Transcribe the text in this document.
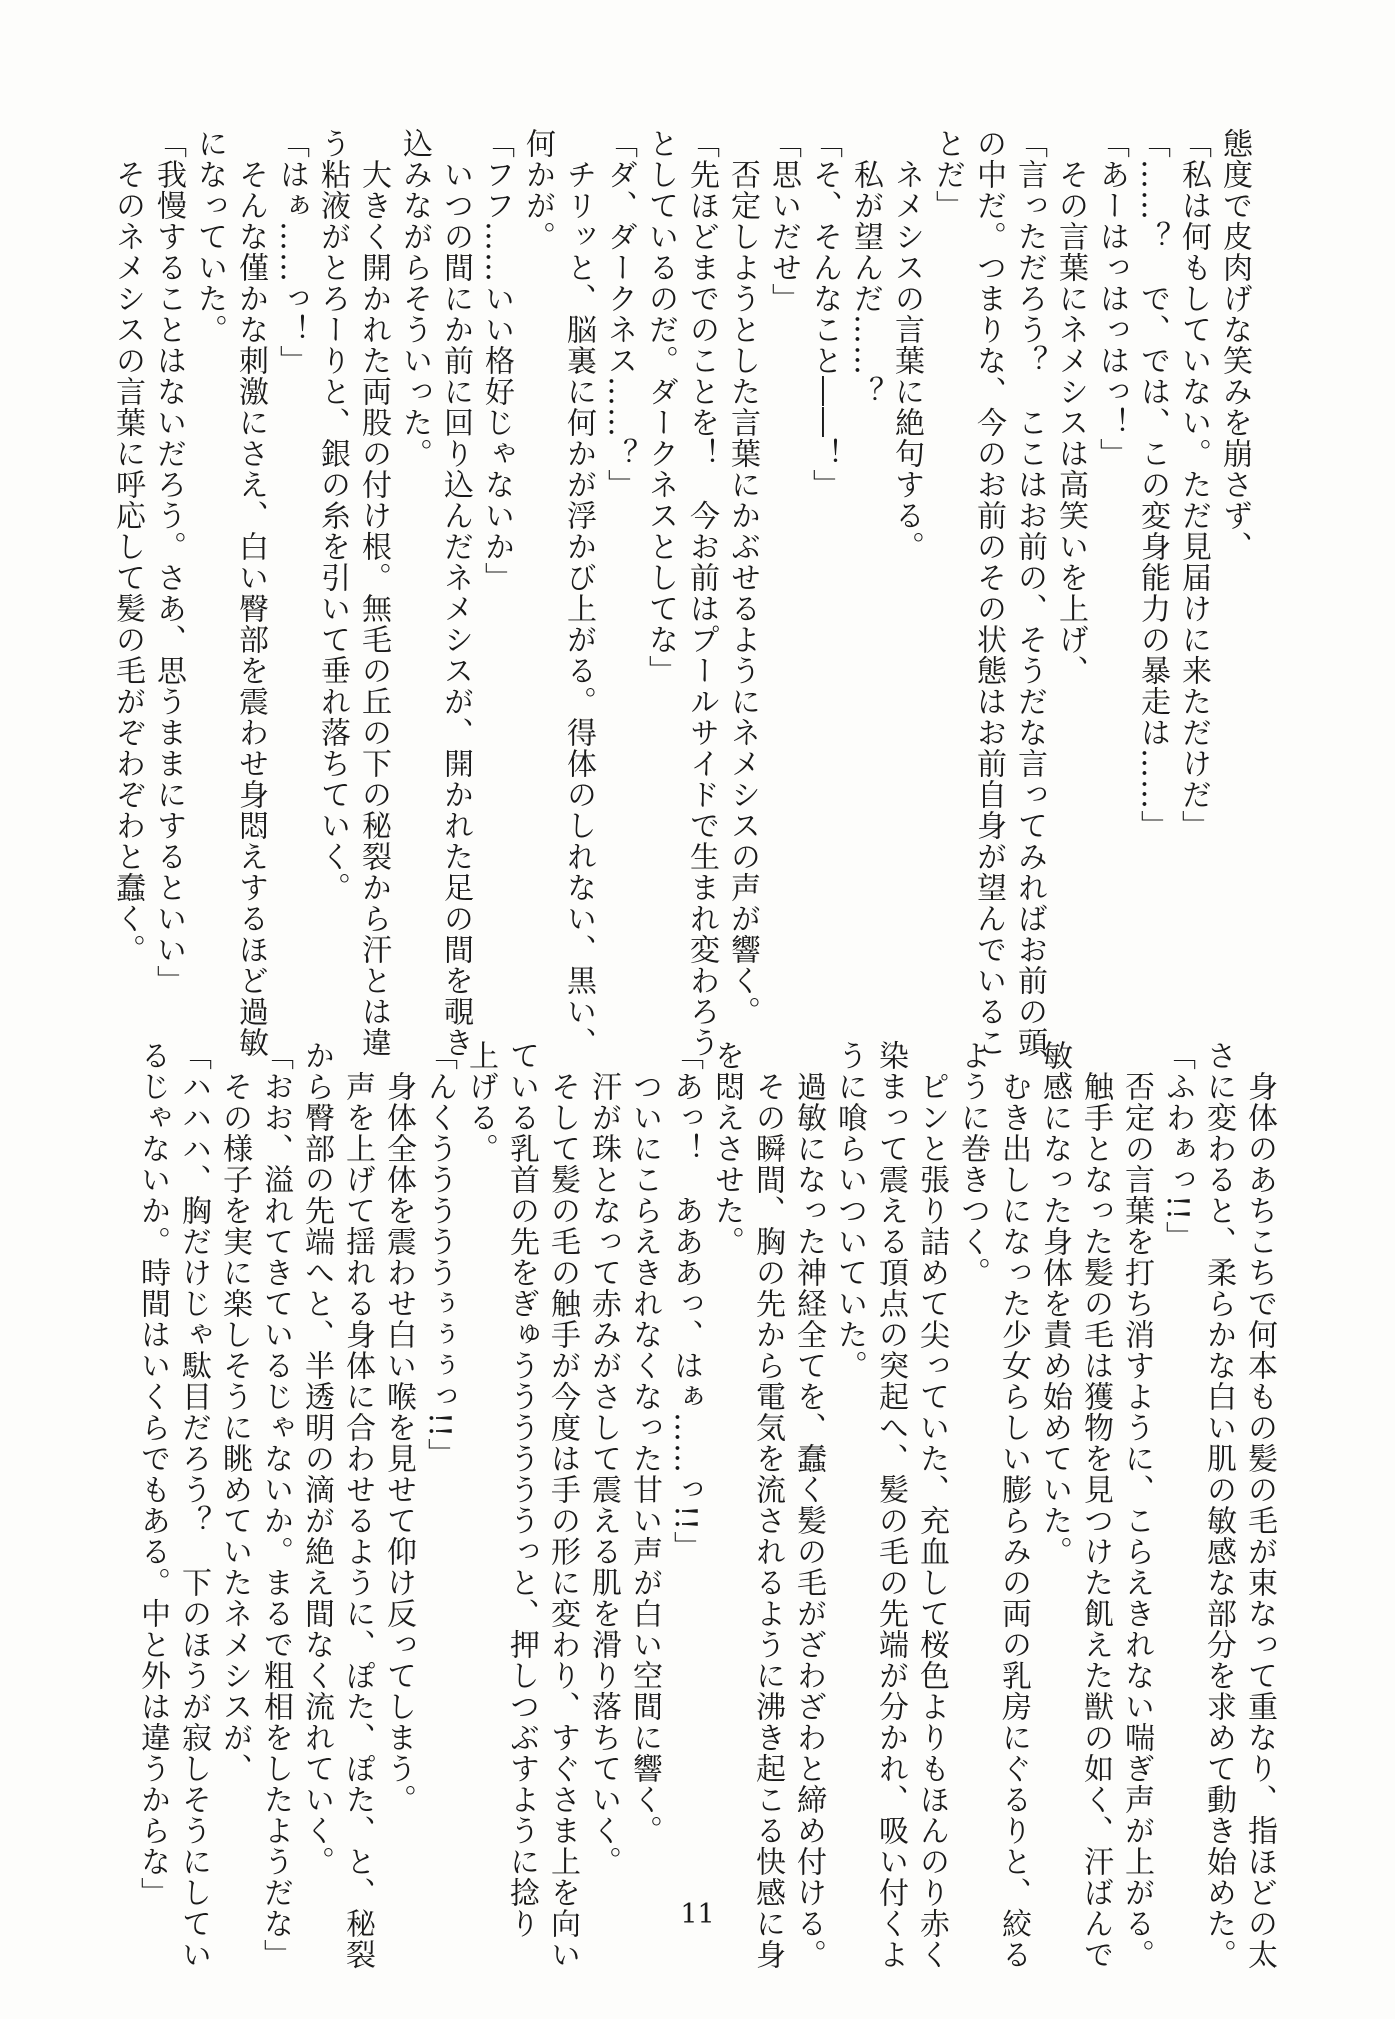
態度で皮肉げな笑みを崩さず、
「私は何もしていない。ただ見届けに来ただけだ」
「……？　で、では、この変身能力の暴走は……」
「あーはっはっはっ！」
　その言葉にネメシスは高笑いを上げ、
「言っただろう？　ここはお前の、そうだな言ってみればお前の頭
の中だ。つまりな、今のお前のその状態はお前自身が望んでいるこ
とだ」
　ネメシスの言葉に絶句する。
　私が望んだ……？
「そ、そんなこと――！」
「思いだせ」
　否定しようとした言葉にかぶせるようにネメシスの声が響く。
「先ほどまでのことを！　今お前はプールサイドで生まれ変わろう
としているのだ。ダークネスとしてな」
「ダ、ダークネス……？」
　チリッと、脳裏に何かが浮かび上がる。得体のしれない、黒い、
何かが。
「フフ……いい格好じゃないか」
　いつの間にか前に回り込んだネメシスが、開かれた足の間を覗き
込みながらそういった。
　大きく開かれた両股の付け根。無毛の丘の下の秘裂から汗とは違
う粘液がとろーりと、銀の糸を引いて垂れ落ちていく。
「はぁ……っ！」
　そんな僅かな刺激にさえ、白い臀部を震わせ身悶えするほど過敏
になっていた。
「我慢することはないだろう。さあ、思うままにするといい」
　そのネメシスの言葉に呼応して髪の毛がぞわぞわと蠢く。
　身体のあちこちで何本もの髪の毛が束なって重なり、指ほどの太
さに変わると、柔らかな白い肌の敏感な部分を求めて動き始めた。
「ふわぁっ!!」
　否定の言葉を打ち消すように、こらえきれない喘ぎ声が上がる。
　触手となった髪の毛は獲物を見つけた飢えた獣の如く、汗ばんで
敏感になった身体を責め始めていた。
　むき出しになった少女らしい膨らみの両の乳房にぐるりと、絞る
ように巻きつく。
　ピンと張り詰めて尖っていた、充血して桜色よりもほんのり赤く
染まって震える頂点の突起へ、髪の毛の先端が分かれ、吸い付くよ
うに喰らいついていた。
　過敏になった神経全てを、蠢く髪の毛がざわざわと締め付ける。
　その瞬間、胸の先から電気を流されるように沸き起こる快感に身
を悶えさせた。
「あっ！　あああっ、はぁ……っ!!」
　ついにこらえきれなくなった甘い声が白い空間に響く。
　汗が珠となって赤みがさして震える肌を滑り落ちていく。
　そして髪の毛の触手が今度は手の形に変わり、すぐさま上を向い
ている乳首の先をぎゅううううううっと、押しつぶすように捻り
上げる。
「んくうううううぅぅぅっ!!」
　身体全体を震わせ白い喉を見せて仰け反ってしまう。
　声を上げて揺れる身体に合わせるように、ぽた、ぽた、と、秘裂
から臀部の先端へと、半透明の滴が絶え間なく流れていく。
「おお、溢れてきているじゃないか。まるで粗相をしたようだな」
　その様子を実に楽しそうに眺めていたネメシスが、
「ハハハ、胸だけじゃ駄目だろう？　下のほうが寂しそうにしてい
るじゃないか。時間はいくらでもある。中と外は違うからな」
11
